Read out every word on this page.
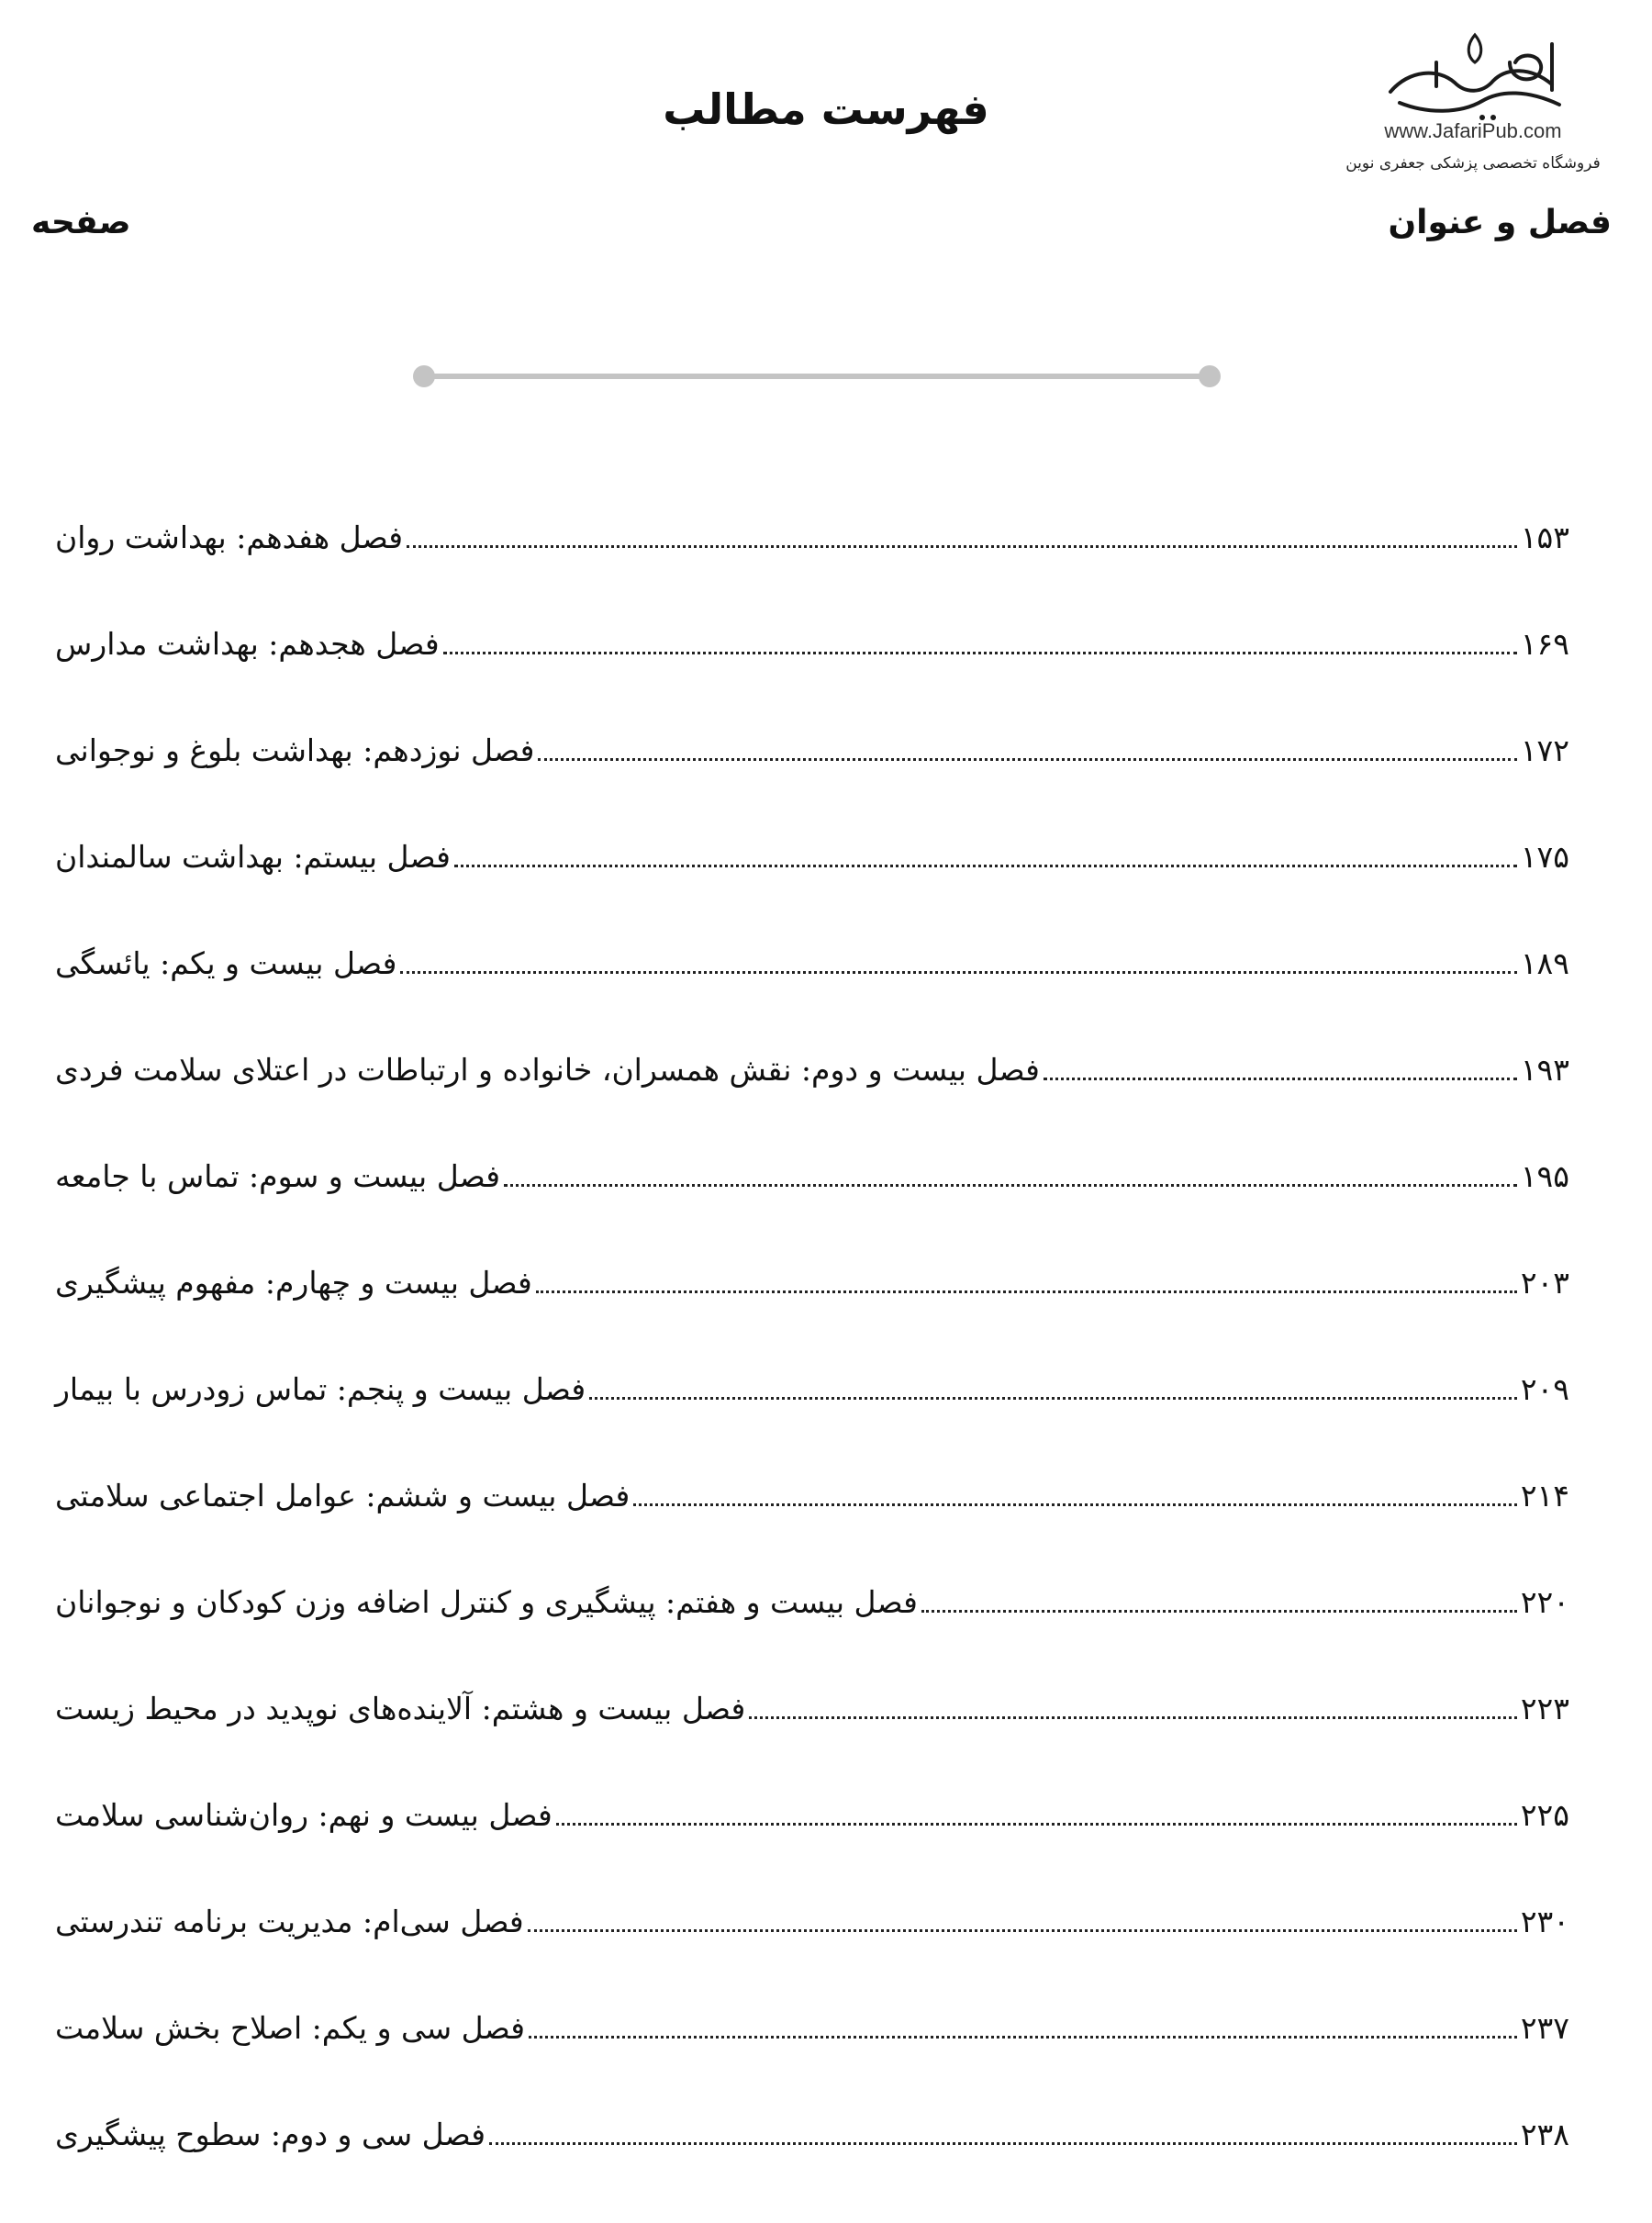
فهرست مطالب	www.JafariPub.com
فروشگاه تخصصی پزشکی جعفری نوین
فصل و عنوان
صفحه
فصل هفدهم: بهداشت روان	۱۵۳
فصل هجدهم: بهداشت مدارس	۱۶۹
فصل نوزدهم: بهداشت بلوغ و نوجوانی	۱۷۲
فصل بیستم: بهداشت سالمندان	۱۷۵
فصل بیست و یکم: یائسگی	۱۸۹
فصل بیست و دوم: نقش همسران، خانواده و ارتباطات در اعتلای سلامت فردی	۱۹۳
فصل بیست و سوم: تماس با جامعه	۱۹۵
فصل بیست و چهارم: مفهوم پیشگیری	۲۰۳
فصل بیست و پنجم: تماس زودرس با بیمار	۲۰۹
فصل بیست و ششم: عوامل اجتماعی سلامتی	۲۱۴
فصل بیست و هفتم: پیشگیری و کنترل اضافه وزن کودکان و نوجوانان	۲۲۰
فصل بیست و هشتم: آلاینده‌های نوپدید در محیط زیست	۲۲۳
فصل بیست و نهم: روان‌شناسی سلامت	۲۲۵
فصل سی‌ام: مدیریت برنامه تندرستی	۲۳۰
فصل سی و یکم: اصلاح بخش سلامت	۲۳۷
فصل سی و دوم: سطوح پیشگیری	۲۳۸
